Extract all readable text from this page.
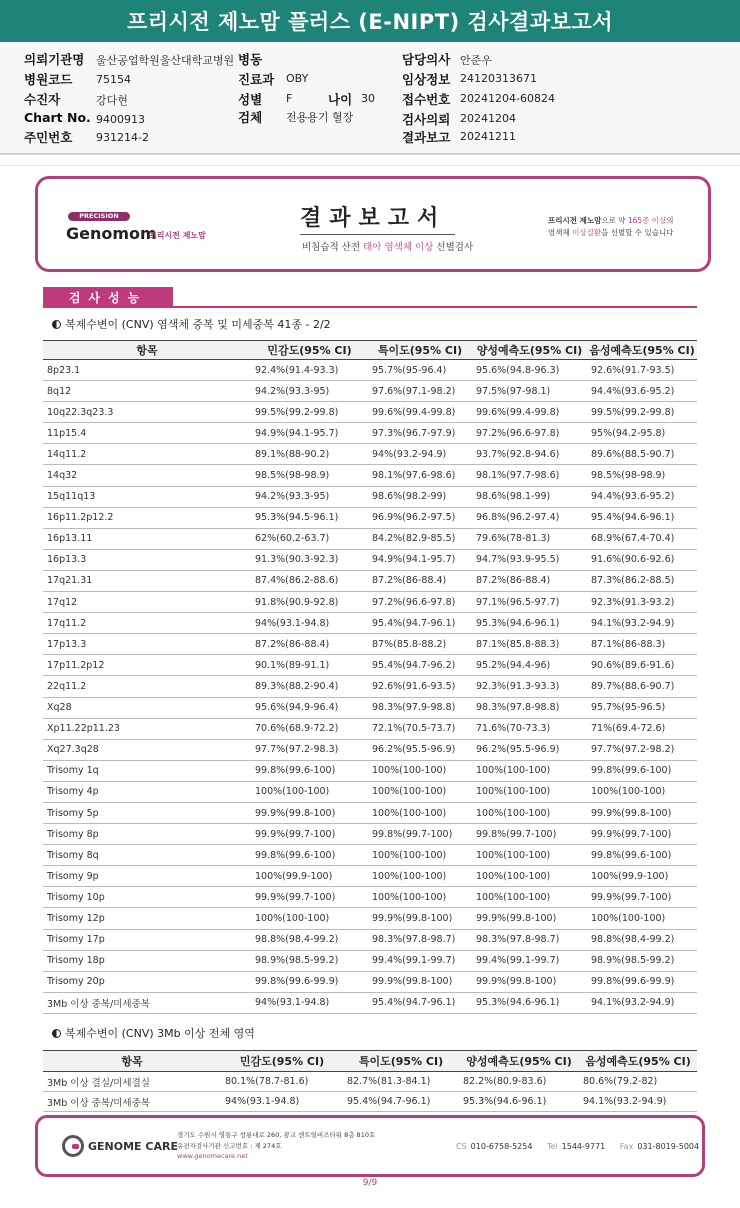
프리시전 제노맘 플러스 (E-NIPT) 검사결과보고서
의뢰기관명 울산공업학원울산대학교병원 병동
병원코드 75154	진료과 OBY
수진자	강다현	성별 F	나이 30
Chart No. 9400913	검체 전용용기 혈장
주민번호 931214-2
담당의사 안준우
임상정보 24120313671
접수번호 20241204-60824
검사의뢰 20241204
결과보고 20241211
PRECISION
Genomom
프리시전 제노맘
결과보고서
비침습적 산전 태아 염색체 이상 선별검사
프리시전 제노맘으로 약 165종 이상의
염색체 이상질환을 선별할 수 있습니다
검사성능
복제수변이 (CNV) 염색체 중복 및 미세중복 41종 - 2/2
항목	민감도(95% CI)	특이도(95% CI)	양성예측도(95% CI)	음성예측도(95% CI)
8p23.1	92.4%(91.4-93.3)	95.7%(95-96.4)	95.6%(94.8-96.3)	92.6%(91.7-93.5)
8q12	94.2%(93.3-95)	97.6%(97.1-98.2)	97.5%(97-98.1)	94.4%(93.6-95.2)
10q22.3q23.3	99.5%(99.2-99.8)	99.6%(99.4-99.8)	99.6%(99.4-99.8)	99.5%(99.2-99.8)
11p15.4	94.9%(94.1-95.7)	97.3%(96.7-97.9)	97.2%(96.6-97.8)	95%(94.2-95.8)
14q11.2	89.1%(88-90.2)	94%(93.2-94.9)	93.7%(92.8-94.6)	89.6%(88.5-90.7)
14q32	98.5%(98-98.9)	98.1%(97.6-98.6)	98.1%(97.7-98.6)	98.5%(98-98.9)
15q11q13	94.2%(93.3-95)	98.6%(98.2-99)	98.6%(98.1-99)	94.4%(93.6-95.2)
16p11.2p12.2	95.3%(94.5-96.1)	96.9%(96.2-97.5)	96.8%(96.2-97.4)	95.4%(94.6-96.1)
16p13.11	62%(60.2-63.7)	84.2%(82.9-85.5)	79.6%(78-81.3)	68.9%(67.4-70.4)
16p13.3	91.3%(90.3-92.3)	94.9%(94.1-95.7)	94.7%(93.9-95.5)	91.6%(90.6-92.6)
17q21.31	87.4%(86.2-88.6)	87.2%(86-88.4)	87.2%(86-88.4)	87.3%(86.2-88.5)
17q12	91.8%(90.9-92.8)	97.2%(96.6-97.8)	97.1%(96.5-97.7)	92.3%(91.3-93.2)
17q11.2	94%(93.1-94.8)	95.4%(94.7-96.1)	95.3%(94.6-96.1)	94.1%(93.2-94.9)
17p13.3	87.2%(86-88.4)	87%(85.8-88.2)	87.1%(85.8-88.3)	87.1%(86-88.3)
17p11.2p12	90.1%(89-91.1)	95.4%(94.7-96.2)	95.2%(94.4-96)	90.6%(89.6-91.6)
22q11.2	89.3%(88.2-90.4)	92.6%(91.6-93.5)	92.3%(91.3-93.3)	89.7%(88.6-90.7)
Xq28	95.6%(94.9-96.4)	98.3%(97.9-98.8)	98.3%(97.8-98.8)	95.7%(95-96.5)
Xp11.22p11.23	70.6%(68.9-72.2)	72.1%(70.5-73.7)	71.6%(70-73.3)	71%(69.4-72.6)
Xq27.3q28	97.7%(97.2-98.3)	96.2%(95.5-96.9)	96.2%(95.5-96.9)	97.7%(97.2-98.2)
Trisomy 1q	99.8%(99.6-100)	100%(100-100)	100%(100-100)	99.8%(99.6-100)
Trisomy 4p	100%(100-100)	100%(100-100)	100%(100-100)	100%(100-100)
Trisomy 5p	99.9%(99.8-100)	100%(100-100)	100%(100-100)	99.9%(99.8-100)
Trisomy 8p	99.9%(99.7-100)	99.8%(99.7-100)	99.8%(99.7-100)	99.9%(99.7-100)
Trisomy 8q	99.8%(99.6-100)	100%(100-100)	100%(100-100)	99.8%(99.6-100)
Trisomy 9p	100%(99.9-100)	100%(100-100)	100%(100-100)	100%(99.9-100)
Trisomy 10p	99.9%(99.7-100)	100%(100-100)	100%(100-100)	99.9%(99.7-100)
Trisomy 12p	100%(100-100)	99.9%(99.8-100)	99.9%(99.8-100)	100%(100-100)
Trisomy 17p	98.8%(98.4-99.2)	98.3%(97.8-98.7)	98.3%(97.8-98.7)	98.8%(98.4-99.2)
Trisomy 18p	98.9%(98.5-99.2)	99.4%(99.1-99.7)	99.4%(99.1-99.7)	98.9%(98.5-99.2)
Trisomy 20p	99.8%(99.6-99.9)	99.9%(99.8-100)	99.9%(99.8-100)	99.8%(99.6-99.9)
3Mb 이상 중복/미세중복	94%(93.1-94.8)	95.4%(94.7-96.1)	95.3%(94.6-96.1)	94.1%(93.2-94.9)
복제수변이 (CNV) 3Mb 이상 전체 영역
항목	민감도(95% CI)	특이도(95% CI)	양성예측도(95% CI)	음성예측도(95% CI)
3Mb 이상 결실/미세결실	80.1%(78.7-81.6)	82.7%(81.3-84.1)	82.2%(80.9-83.6)	80.6%(79.2-82)
3Mb 이상 중복/미세중복	94%(93.1-94.8)	95.4%(94.7-96.1)	95.3%(94.6-96.1)	94.1%(93.2-94.9)
GENOME CARE
경기도 수원시 영통구 창룡대로 260, 광교 센트럴비즈타워 8층 810호
유전자검사기관 신고번호 : 제 274호
www.genomecare.net
CS 010-6758-5254 Tel 1544-9771 Fax 031-8019-5004
9/9
